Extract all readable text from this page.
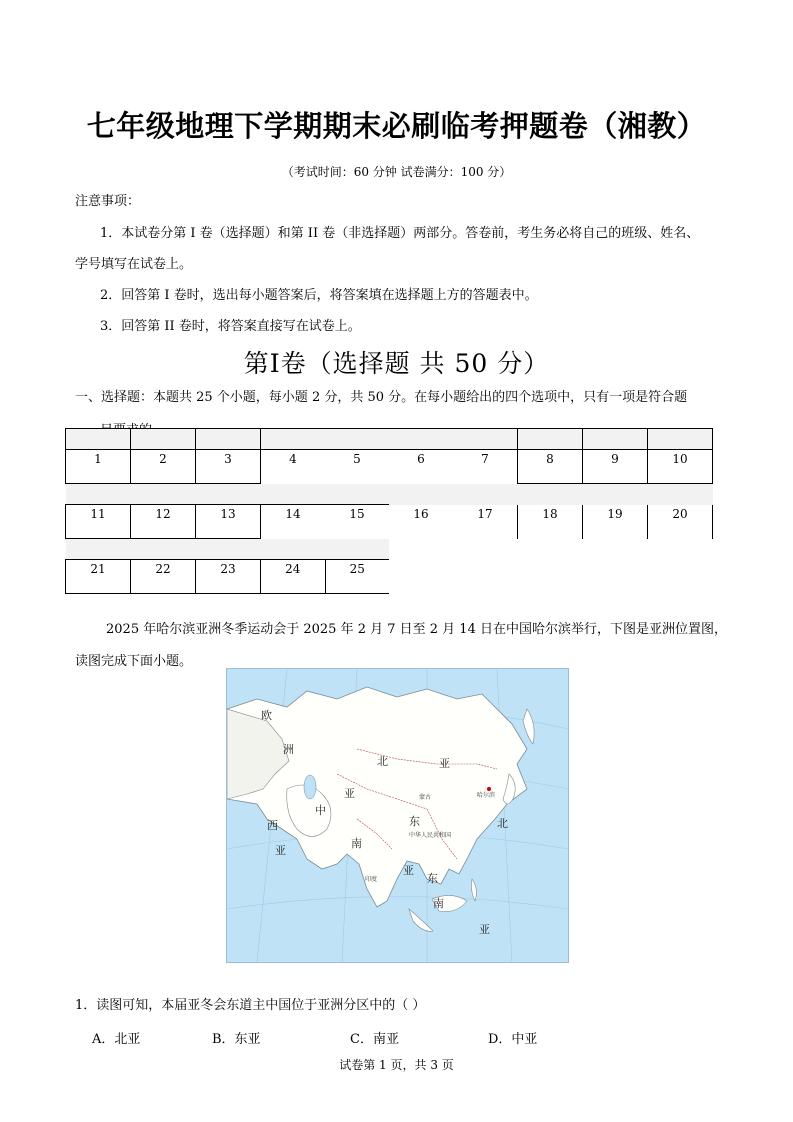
七年级地理下学期期末必刷临考押题卷（湘教）
（考试时间：60 分钟 试卷满分：100 分）
注意事项：
1．本试卷分第 I 卷（选择题）和第 II 卷（非选择题）两部分。答卷前，考生务必将自己的班级、姓名、
学号填写在试卷上。
2．回答第 I 卷时，选出每小题答案后，将答案填在选择题上方的答题表中。
3．回答第 II 卷时，将答案直接写在试卷上。
第Ⅰ卷（选择题 共 50 分）
一、选择题：本题共 25 个小题，每小题 2 分，共 50 分。在每小题给出的四个选项中，只有一项是符合题

1	2	3	4	5	6	7	8	9	10

11	12	13	14	15	16	17	18	19	20

21	22	23	24	25					
2025 年哈尔滨亚洲冬季运动会于 2025 年 2 月 7 日至 2 月 14 日在中国哈尔滨举行，下图是亚洲位置图，
读图完成下面小题。
欧
洲
北	亚
中
亚
东
西
亚
南
亚
东
南
亚
北
哈尔滨
中华人民共和国
印度
蒙古
1．读图可知，本届亚冬会东道主中国位于亚洲分区中的（ ）
A．北亚	B．东亚	C．南亚	D．中亚
试卷第 1 页，共 3 页
